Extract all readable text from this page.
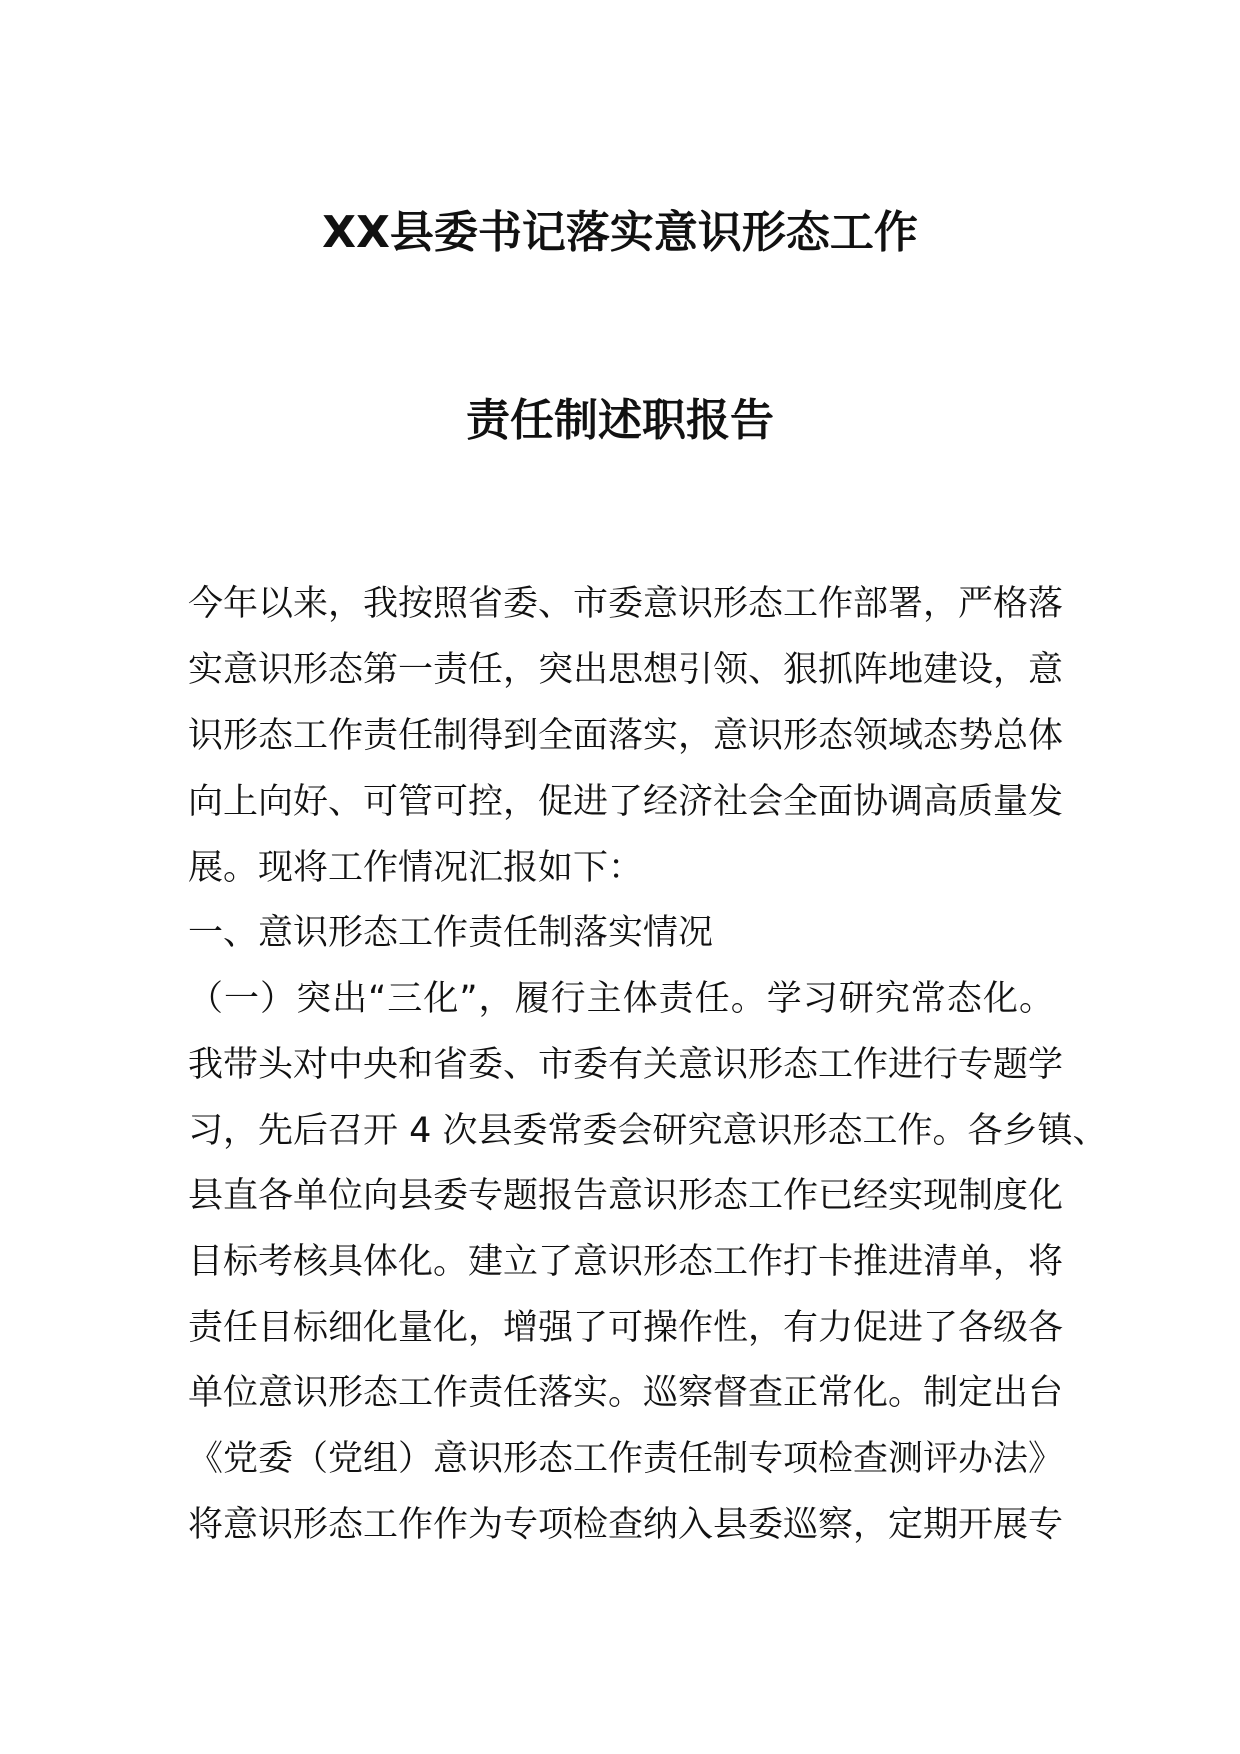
XX县委书记落实意识形态工作
责任制述职报告
今年以来，我按照省委、市委意识形态工作部署，严格落
实意识形态第一责任，突出思想引领、狠抓阵地建设，意
识形态工作责任制得到全面落实，意识形态领域态势总体
向上向好、可管可控，促进了经济社会全面协调高质量发
展。现将工作情况汇报如下：
一、意识形态工作责任制落实情况
（一）突出“三化”，履行主体责任。学习研究常态化。
我带头对中央和省委、市委有关意识形态工作进行专题学
习，先后召开 4 次县委常委会研究意识形态工作。各乡镇、
县直各单位向县委专题报告意识形态工作已经实现制度化
目标考核具体化。建立了意识形态工作打卡推进清单，将
责任目标细化量化，增强了可操作性，有力促进了各级各
单位意识形态工作责任落实。巡察督查正常化。制定出台
《党委（党组）意识形态工作责任制专项检查测评办法》
将意识形态工作作为专项检查纳入县委巡察，定期开展专
